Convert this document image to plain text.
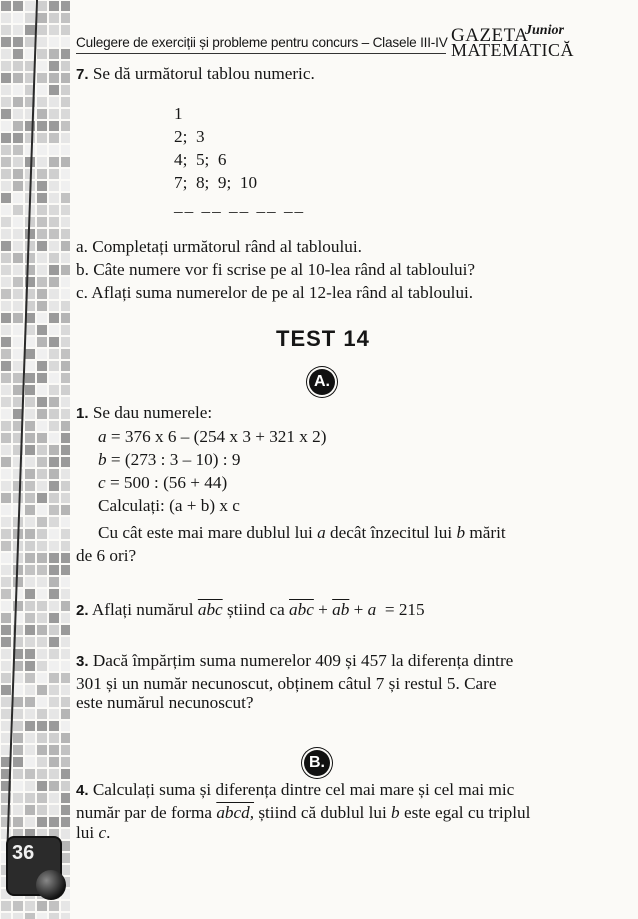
Culegere de exerciții și probleme pentru concurs – Clasele III-IV GAZETA
Junior
MATEMATICĂ
7. Se dă următorul tablou numeric.
1
2;  3
4;  5;  6
7;  8;  9;  10
__ __ __ __ __
a. Completați următorul rând al tabloului.
b. Câte numere vor fi scrise pe al 10-lea rând al tabloului?
c. Aflați suma numerelor de pe al 12-lea rând al tabloului.
TEST 14
A.
1. Se dau numerele:
a = 376 x 6 – (254 x 3 + 321 x 2)
b = (273 : 3 – 10) : 9
c = 500 : (56 + 44)
Calculați: (a + b) x c
Cu cât este mai mare dublul lui a decât înzecitul lui b mărit
de 6 ori?
2. Aflați numărul $\overline{abc}$ știind ca $\overline{abc} + \overline{ab} + a = 215$
3. Dacă împărțim suma numerelor 409 și 457 la diferența dintre
301 și un număr necunoscut, obținem câtul 7 și restul 5. Care
este numărul necunoscut?
B.
4. Calculați suma și diferența dintre cel mai mare și cel mai mic
număr par de forma abcd, știind că dublul lui b este egal cu triplul
lui c.
36
